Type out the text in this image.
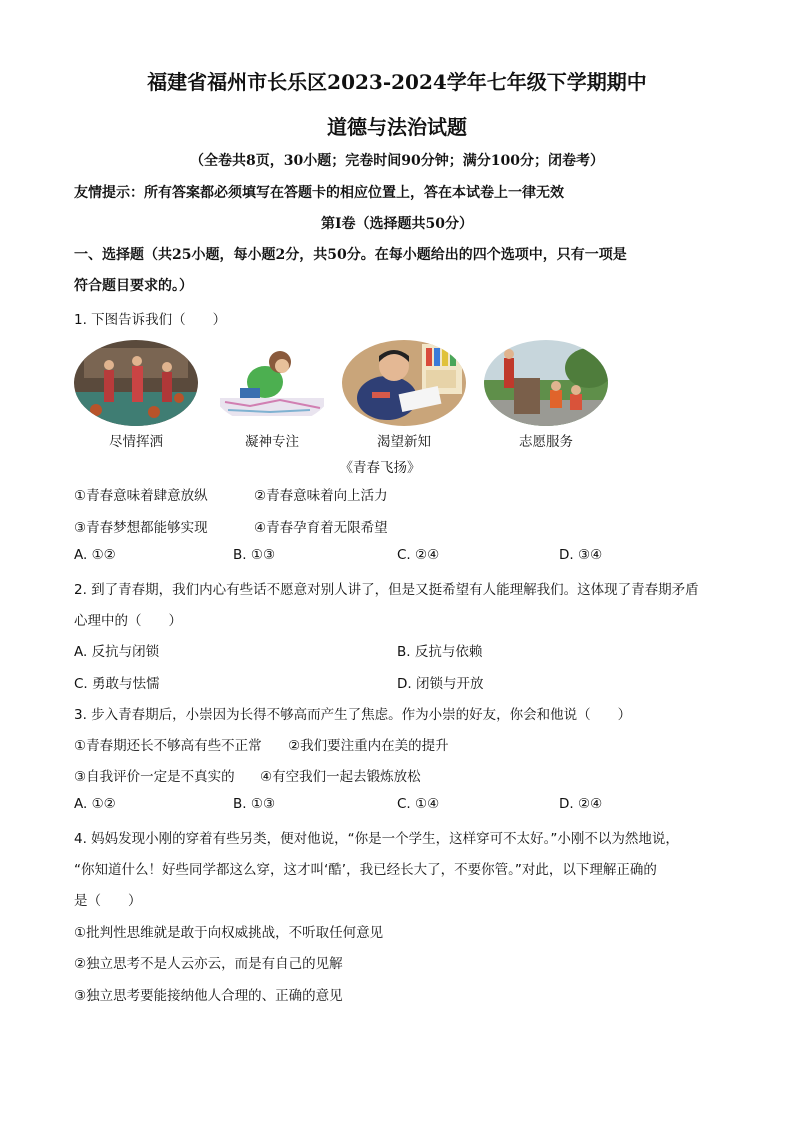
福建省福州市长乐区2023-2024学年七年级下学期期中
道德与法治试题
（全卷共8页，30小题；完卷时间90分钟；满分100分；闭卷考）
友情提示：所有答案都必须填写在答题卡的相应位置上，答在本试卷上一律无效
第Ⅰ卷（选择题共50分）
一、选择题（共25小题，每小题2分，共50分。在每小题给出的四个选项中，只有一项是
符合题目要求的。）
1. 下图告诉我们（　　）
尽情挥洒	凝神专注	渴望新知	志愿服务
《青春飞扬》
①青春意味着肆意放纵	②青春意味着向上活力
③青春梦想都能够实现	④青春孕育着无限希望
A. ①②	B. ①③	C. ②④	D. ③④
2. 到了青春期，我们内心有些话不愿意对别人讲了，但是又挺希望有人能理解我们。这体现了青春期矛盾
心理中的（　　）
A. 反抗与闭锁	B. 反抗与依赖
C. 勇敢与怯懦	D. 闭锁与开放
3. 步入青春期后，小崇因为长得不够高而产生了焦虑。作为小崇的好友，你会和他说（　　）
①青春期还长不够高有些不正常 ②我们要注重内在美的提升
③自我评价一定是不真实的 ④有空我们一起去锻炼放松
A. ①②	B. ①③	C. ①④	D. ②④
4. 妈妈发现小刚的穿着有些另类，便对他说，“你是一个学生，这样穿可不太好。”小刚不以为然地说，
“你知道什么！好些同学都这么穿，这才叫‘酷’，我已经长大了，不要你管。”对此，以下理解正确的
是（　　）
①批判性思维就是敢于向权威挑战，不听取任何意见
②独立思考不是人云亦云，而是有自己的见解
③独立思考要能接纳他人合理的、正确的意见
